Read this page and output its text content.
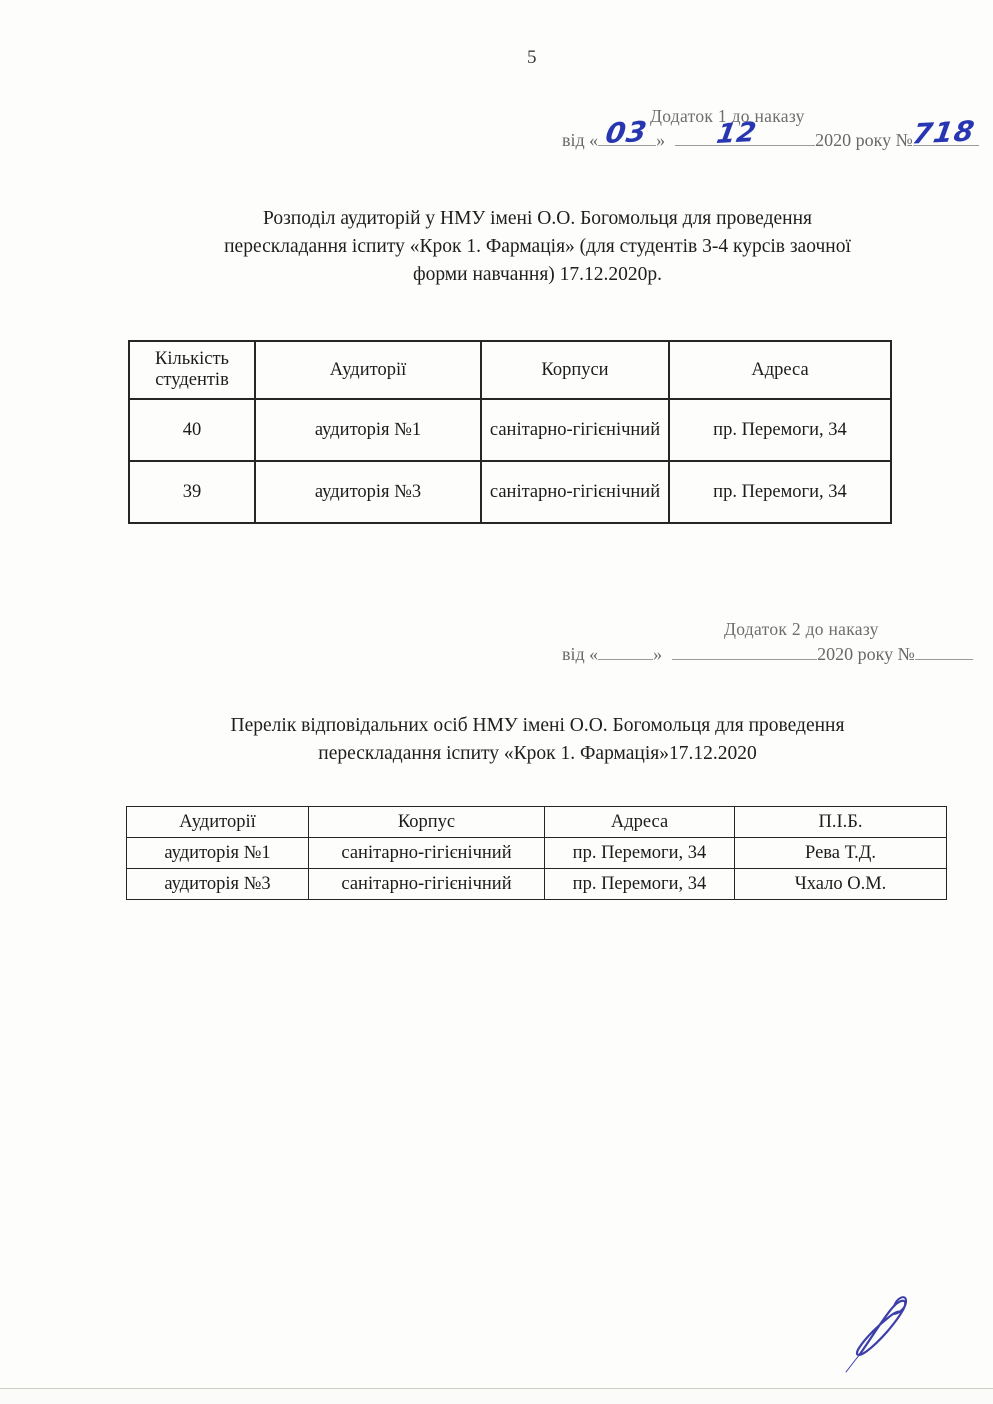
5
Додаток 1 до наказу
від « 03 » 12	2020 року №
718
Розподіл аудиторій у НМУ імені О.О. Богомольця для проведення
перескладання іспиту «Крок 1. Фармація» (для студентів 3-4 курсів заочної
форми навчання) 17.12.2020р.
Кількість студентів	Аудиторії	Корпуси	Адреса
40	аудиторія №1	санітарно-гігієнічний	пр. Перемоги, 34
39	аудиторія №3	санітарно-гігієнічний	пр. Перемоги, 34
Додаток 2 до наказу
від «	»	2020 року №
Перелік відповідальних осіб НМУ імені О.О. Богомольця для проведення
перескладання іспиту «Крок 1. Фармація»17.12.2020
Аудиторії	Корпус	Адреса	П.І.Б.
аудиторія №1	санітарно-гігієнічний	пр. Перемоги, 34	Рева Т.Д.
аудиторія №3	санітарно-гігієнічний	пр. Перемоги, 34	Чхало О.М.
